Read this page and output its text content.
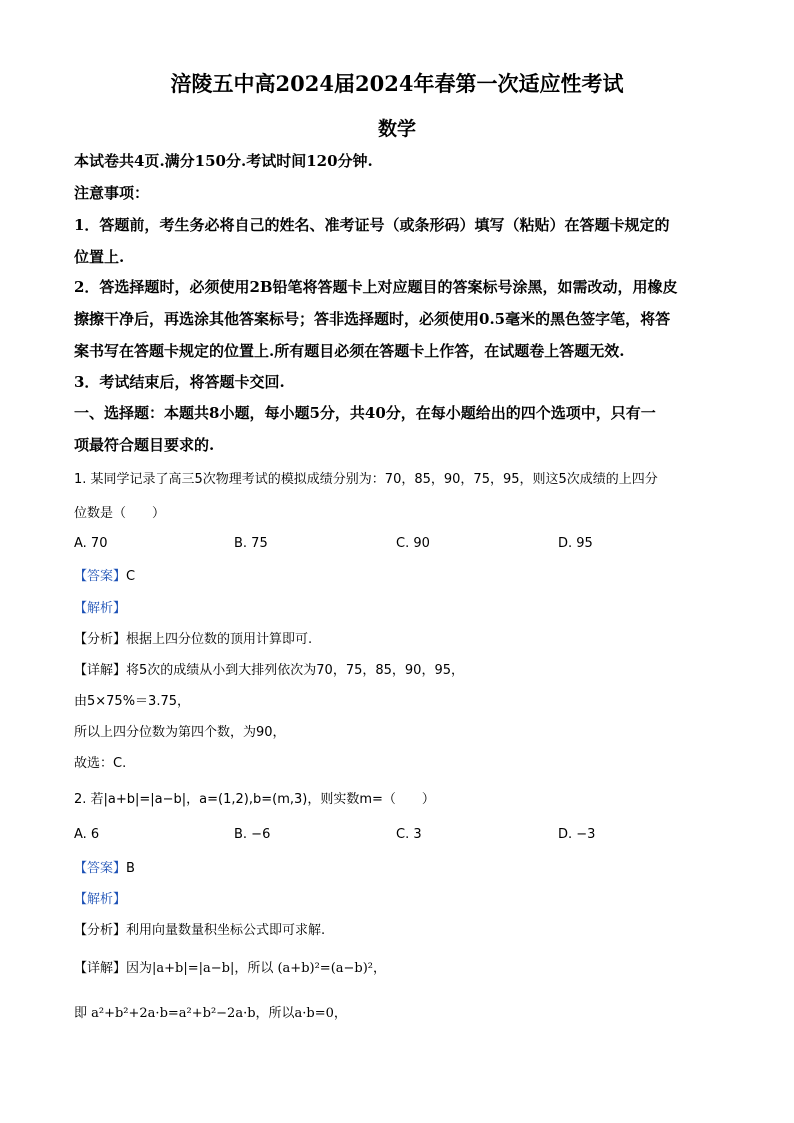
涪陵五中高2024届2024年春第一次适应性考试
数学
本试卷共4页.满分150分.考试时间120分钟.
注意事项：
1．答题前，考生务必将自己的姓名、准考证号（或条形码）填写（粘贴）在答题卡规定的
位置上.
2．答选择题时，必须使用2B铅笔将答题卡上对应题目的答案标号涂黑，如需改动，用橡皮
擦擦干净后，再选涂其他答案标号；答非选择题时，必须使用0.5毫米的黑色签字笔，将答
案书写在答题卡规定的位置上.所有题目必须在答题卡上作答，在试题卷上答题无效.
3．考试结束后，将答题卡交回.
一、选择题：本题共8小题，每小题5分，共40分，在每小题给出的四个选项中，只有一
项最符合题目要求的.
1. 某同学记录了高三5次物理考试的模拟成绩分别为：70，85，90，75，95，则这5次成绩的上四分
位数是（　　）
A. 70	B. 75	C. 90	D. 95
【答案】C
【解析】
【分析】根据上四分位数的顶用计算即可.
【详解】将5次的成绩从小到大排列依次为70，75，85，90，95，
由5×75%＝3.75，
所以上四分位数为第四个数，为90，
故选：C.
2. 若|a+b|=|a−b|，a=(1,2),b=(m,3)，则实数m=（　　）
A. 6	B. −6	C. 3	D. −3
【答案】B
【解析】
【分析】利用向量数量积坐标公式即可求解.
【详解】因为|a+b|=|a−b|，所以 (a+b)²=(a−b)²，
即 a²+b²+2a·b=a²+b²−2a·b，所以a·b=0，
